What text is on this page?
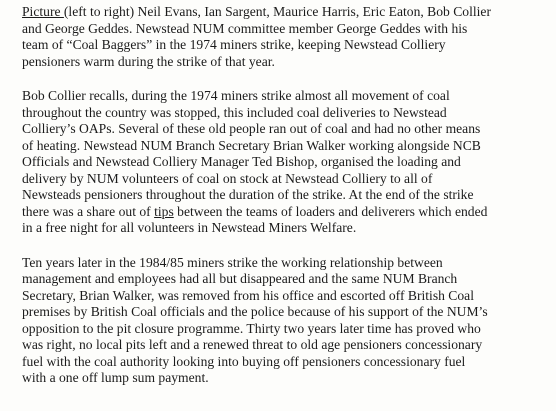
Picture (left to right) Neil Evans, Ian Sargent, Maurice Harris, Eric Eaton, Bob Collier
and George Geddes. Newstead NUM committee member George Geddes with his
team of “Coal Baggers” in the 1974 miners strike, keeping Newstead Colliery
pensioners warm during the strike of that year.

Bob Collier recalls, during the 1974 miners strike almost all movement of coal
throughout the country was stopped, this included coal deliveries to Newstead
Colliery’s OAPs. Several of these old people ran out of coal and had no other means
of heating. Newstead NUM Branch Secretary Brian Walker working alongside NCB
Officials and Newstead Colliery Manager Ted Bishop, organised the loading and
delivery by NUM volunteers of coal on stock at Newstead Colliery to all of
Newsteads pensioners throughout the duration of the strike. At the end of the strike
there was a share out of tips between the teams of loaders and deliverers which ended
in a free night for all volunteers in Newstead Miners Welfare.

Ten years later in the 1984/85 miners strike the working relationship between
management and employees had all but disappeared and the same NUM Branch
Secretary, Brian Walker, was removed from his office and escorted off British Coal
premises by British Coal officials and the police because of his support of the NUM’s
opposition to the pit closure programme. Thirty two years later time has proved who
was right, no local pits left and a renewed threat to old age pensioners concessionary
fuel with the coal authority looking into buying off pensioners concessionary fuel
with a one off lump sum payment.
